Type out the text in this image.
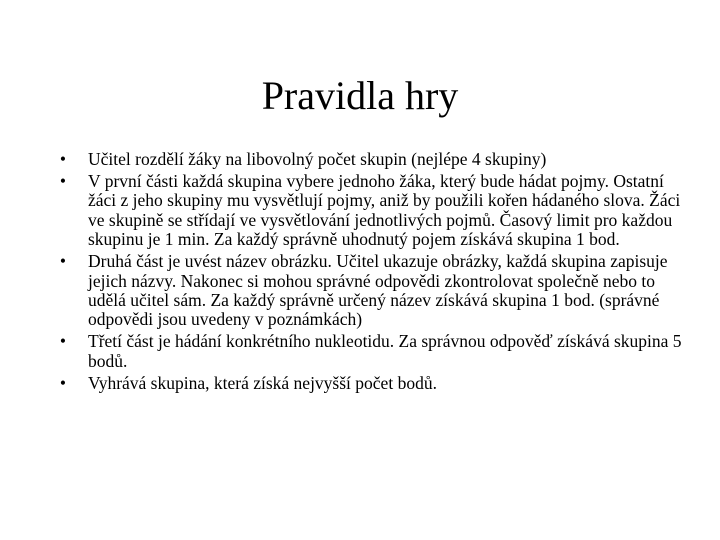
Pravidla hry
• Učitel rozdělí žáky na libovolný počet skupin (nejlépe 4 skupiny)
• V první části každá skupina vybere jednoho žáka, který bude hádat pojmy. Ostatní žáci z jeho skupiny mu vysvětlují pojmy, aniž by použili kořen hádaného slova. Žáci ve skupině se střídají ve vysvětlování jednotlivých pojmů. Časový limit pro každou skupinu je 1 min. Za každý správně uhodnutý pojem získává skupina 1 bod.
• Druhá část je uvést název obrázku. Učitel ukazuje obrázky, každá skupina zapisuje jejich názvy. Nakonec si mohou správné odpovědi zkontrolovat společně nebo to udělá učitel sám. Za každý správně určený název získává skupina 1 bod. (správné odpovědi jsou uvedeny v poznámkách)
• Třetí část je hádání konkrétního nukleotidu. Za správnou odpověď získává skupina 5 bodů.
• Vyhrává skupina, která získá nejvyšší počet bodů.
